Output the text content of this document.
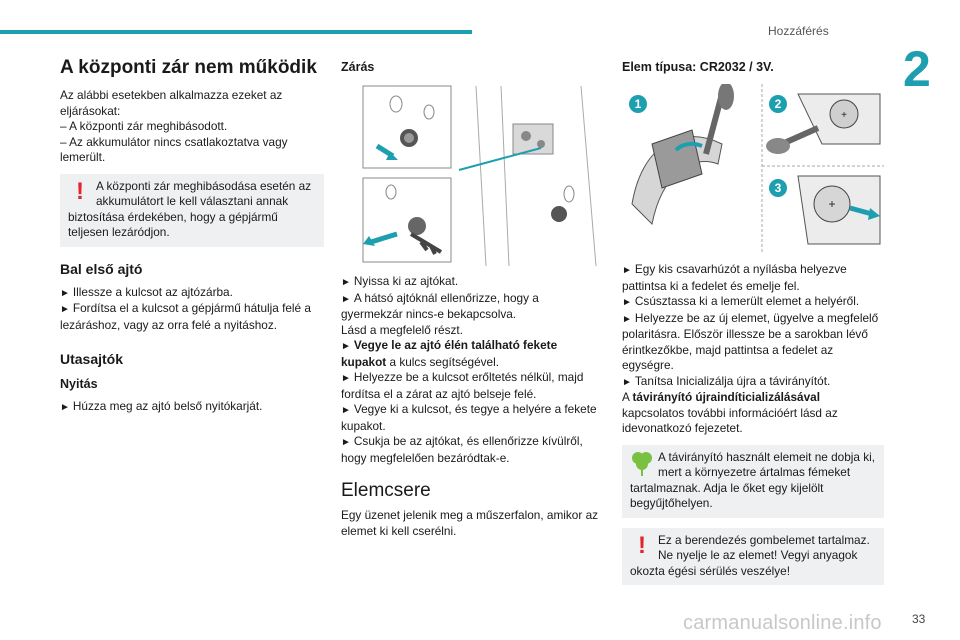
Hozzáférés
2
A központi zár nem működik

Az alábbi esetekben alkalmazza ezeket az eljárásokat:

– A központi zár meghibásodott.

– Az akkumulátor nincs csatlakoztatva vagy lemerült.

!	A központi zár meghibásodása esetén az akkumulátort le kell választani annak biztosítása érdekében, hogy a gépjármű teljesen lezáródjon.
Bal első ajtó

► Illessze a kulcsot az ajtózárba.

► Fordítsa el a kulcsot a gépjármű hátulja felé a lezáráshoz, vagy az orra felé a nyitáshoz.

Utasajtók
Nyitás

► Húzza meg az ajtó belső nyitókarját.

Zárás

► Nyissa ki az ajtókat.

► A hátsó ajtóknál ellenőrizze, hogy a gyermekzár nincs-e bekapcsolva.

Lásd a megfelelő részt.

► Vegye le az ajtó élén található fekete kupakot a kulcs segítségével.

► Helyezze be a kulcsot erőltetés nélkül, majd fordítsa el a zárat az ajtó belseje felé.

► Vegye ki a kulcsot, és tegye a helyére a fekete kupakot.

► Csukja be az ajtókat, és ellenőrizze kívülről, hogy megfelelően bezáródtak-e.

Elemcsere

Egy üzenet jelenik meg a műszerfalon, amikor az elemet ki kell cserélni.

Elem típusa: CR2032 / 3V.
1	2
+
3
+

► Egy kis csavarhúzót a nyílásba helyezve pattintsa ki a fedelet és emelje fel.

► Csúsztassa ki a lemerült elemet a helyéről.

► Helyezze be az új elemet, ügyelve a megfelelő polaritásra. Először illessze be a sarokban lévő érintkezőkbe, majd pattintsa a fedelet az egységre.

► Tanítsa Inicializálja újra a távirányítót.

A távirányító újraindíticializálásával kapcsolatos további információért lásd az idevonatkozó fejezetet.

A távirányító használt elemeit ne dobja ki, mert a környezetre ártalmas fémeket tartalmaznak. Adja le őket egy kijelölt begyűjtőhelyen.
!	Ez a berendezés gombelemet tartalmaz. Ne nyelje le az elemet! Vegyi anyagok okozta égési sérülés veszélye!
carmanualsonline.info	33
